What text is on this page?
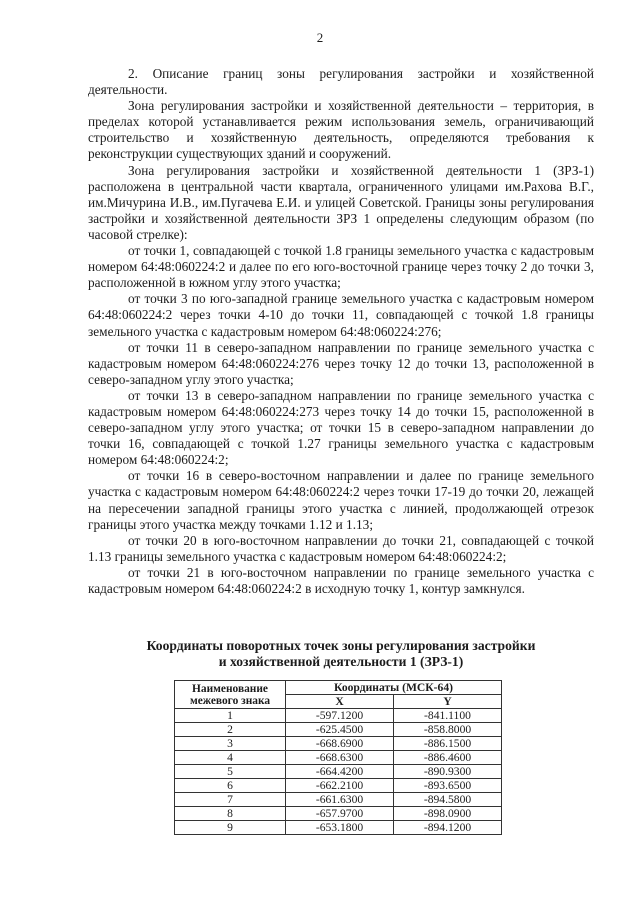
2

2. Описание границ зоны регулирования застройки и хозяйственной деятельности.

Зона регулирования застройки и хозяйственной деятельности – территория, в пределах которой устанавливается режим использования земель, ограничивающий строительство и хозяйственную деятельность, определяются требования к реконструкции существующих зданий и сооружений.

Зона регулирования застройки и хозяйственной деятельности 1 (ЗРЗ-1) расположена в центральной части квартала, ограниченного улицами им.Рахова В.Г., им.Мичурина И.В., им.Пугачева Е.И. и улицей Советской. Границы зоны регулирования застройки и хозяйственной деятельности ЗРЗ 1 определены следующим образом (по часовой стрелке):

от точки 1, совпадающей с точкой 1.8 границы земельного участка с кадастровым номером 64:48:060224:2 и далее по его юго-восточной границе через точку 2 до точки 3, расположенной в южном углу этого участка;

от точки 3 по юго-западной границе земельного участка с кадастровым номером 64:48:060224:2 через точки 4-10 до точки 11, совпадающей с точкой 1.8 границы земельного участка с кадастровым номером 64:48:060224:276;

от точки 11 в северо-западном направлении по границе земельного участка с кадастровым номером 64:48:060224:276 через точку 12 до точки 13, расположенной в северо-западном углу этого участка;

от точки 13 в северо-западном направлении по границе земельного участка с кадастровым номером 64:48:060224:273 через точку 14 до точки 15, расположенной в северо-западном углу этого участка; от точки 15 в северо-западном направлении до точки 16, совпадающей с точкой 1.27 границы земельного участка с кадастровым номером 64:48:060224:2;

от точки 16 в северо-восточном направлении и далее по границе земельного участка с кадастровым номером 64:48:060224:2 через точки 17-19 до точки 20, лежащей на пересечении западной границы этого участка с линией, продолжающей отрезок границы этого участка между точками 1.12 и 1.13;

от точки 20 в юго-восточном направлении до точки 21, совпадающей с точкой 1.13 границы земельного участка с кадастровым номером 64:48:060224:2;

от точки 21 в юго-восточном направлении по границе земельного участка с кадастровым номером 64:48:060224:2 в исходную точку 1, контур замкнулся.

Координаты поворотных точек зоны регулирования застройки
и хозяйственной деятельности 1 (ЗРЗ-1)
Наименование межевого знака	Координаты (МСК-64)	
	X	Y
1	-597.1200	-841.1100
2	-625.4500	-858.8000
3	-668.6900	-886.1500
4	-668.6300	-886.4600
5	-664.4200	-890.9300
6	-662.2100	-893.6500
7	-661.6300	-894.5800
8	-657.9700	-898.0900
9	-653.1800	-894.1200
